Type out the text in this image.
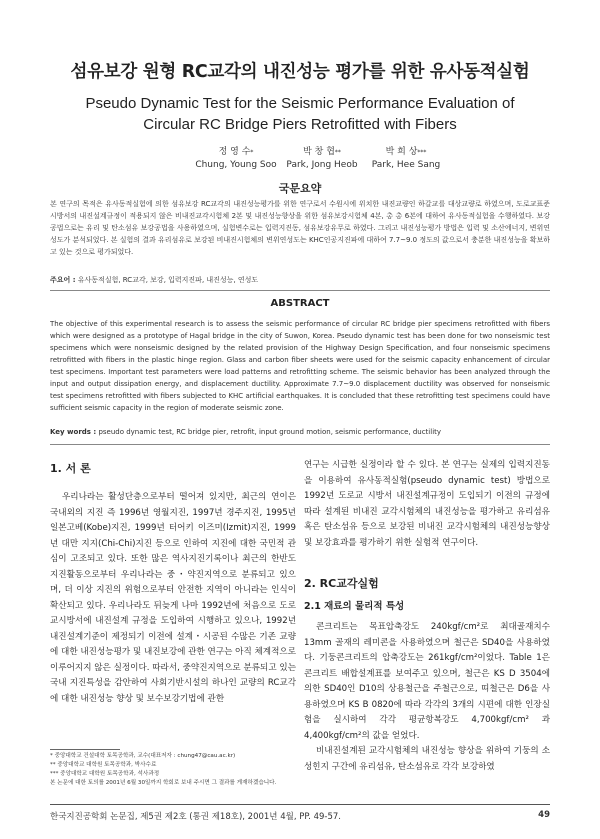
섬유보강 원형 RC교각의 내진성능 평가를 위한 유사동적실험
Pseudo Dynamic Test for the Seismic Performance Evaluation of
Circular RC Bridge Piers Retrofitted with Fibers
정 영 수*
Chung, Young Soo
박 창 협**
Park, Jong Heob
박 희 상***
Park, Hee Sang
국문요약
본 연구의 목적은 유사동적실험에 의한 섬유보강 RC교각의 내진성능평가를 위한 연구로서 수원시에 위치한 내진교량인 하갈교를 대상교량로 하였으며, 도로교표준시방서의 내진설계규정이 적용되지 않은 비내진교각시험체 2본 및 내진성능향상을 위한 섬유보강시험체 4본, 총 총 6본에 대하여 유사동적실험을 수행하였다. 보강공법으로는 유리 및 탄소섬유 보강공법을 사용하였으며, 실험변수로는 입력지진동, 섬유보강유무로 하였다. 그리고 내진성능평가 방법은 입력 및 소산에너지, 변위연성도가 분석되었다. 본 실험의 결과 유리섬유로 보강된 비내진시험체의 변위연성도는 KHC인공지진파에 대하여 7.7~9.0 정도의 값으로서 충분한 내진성능을 확보하고 있는 것으로 평가되었다.
주요어 : 유사동적실험, RC교각, 보강, 입력지진파, 내진성능, 연성도
ABSTRACT
The objective of this experimental research is to assess the seismic performance of circular RC bridge pier specimens retrofitted with fibers which were designed as a prototype of Hagal bridge in the city of Suwon, Korea. Pseudo dynamic test has been done for two nonseismic test specimens which were nonseismic designed by the related provision of the Highway Design Specification, and four nonseismic specimens retrofitted with fibers in the plastic hinge region. Glass and carbon fiber sheets were used for the seismic capacity enhancement of circular test specimens. Important test parameters were load patterns and retrofitting scheme. The seismic behavior has been analyzed through the input and output dissipation energy, and displacement ductility. Approximate 7.7~9.0 displacement ductility was observed for nonseismic test specimens retrofitted with fibers subjected to KHC artificial earthquakes. It is concluded that these retrofitting test specimens could have sufficient seismic capacity in the region of moderate seismic zone.
Key words : pseudo dynamic test, RC bridge pier, retrofit, input ground motion, seismic performance, ductility
1. 서 론

우리나라는 활성단층으로부터 떨어져 있지만, 최근의 연이은 국내외의 지진 즉 1996년 영월지진, 1997년 경주지진, 1995년 일본고베(Kobe)지진, 1999년 터어키 이즈미(Izmit)지진, 1999년 대만 지지(Chi-Chi)지진 등으로 인하여 지진에 대한 국민적 관심이 고조되고 있다. 또한 많은 역사지진기록이나 최근의 한반도 지진활동으로부터 우리나라는 중・약진지역으로 분류되고 있으며, 더 이상 지진의 위험으로부터 안전한 지역이 아니라는 인식이 확산되고 있다. 우리나라도 뒤늦게 나마 1992년에 처음으로 도로교시방서에 내진설계 규정을 도입하여 시행하고 있으나, 1992년 내진설계기준이 제정되기 이전에 설계・시공된 수많은 기존 교량에 대한 내진성능평가 및 내진보강에 관한 연구는 아직 체계적으로 이루어지지 않은 실정이다. 따라서, 중약진지역으로 분류되고 있는 국내 지진특성을 감안하여 사회기반시설의 하나인 교량의 RC교각에 대한 내진성능 향상 및 보수보강기법에 관한

* 중앙대학교 건설대학 토목공학과, 교수(대표저자 : chung47@cau.ac.kr)
** 중앙대학교 대학원 토목공학과, 박사수료
*** 중앙대학교 대학원 토목공학과, 석사과정
본 논문에 대한 토의를 2001년 6월 30일까지 학회로 보내 주시면 그 결과를 게재하겠습니다.

연구는 시급한 실정이라 할 수 있다. 본 연구는 실제의 입력지진동을 이용하여 유사동적실험(pseudo dynamic test) 방법으로 1992년 도로교 시방서 내진설계규정이 도입되기 이전의 규정에 따라 설계된 비내진 교각시험체의 내진성능을 평가하고 유리섬유 혹은 탄소섬유 등으로 보강된 비내진 교각시험체의 내진성능향상 및 보강효과를 평가하기 위한 실험적 연구이다.

2. RC교각실험
2.1 재료의 물리적 특성

콘크리트는 목표압축강도 240kgf/cm²로 최대골재치수 13mm 골재의 레미콘을 사용하였으며 철근은 SD40을 사용하였다. 기둥콘크리트의 압축강도는 261kgf/cm²이었다. Table 1은 콘크리트 배합설계표를 보여주고 있으며, 철근은 KS D 3504에 의한 SD40인 D10의 상용철근을 주철근으로, 띠철근은 D6을 사용하였으며 KS B 0820에 따라 각각의 3개의 시편에 대한 인장실험을 실시하여 각각 평균항복강도 4,700kgf/cm² 과 4,400kgf/cm²의 값을 얻었다.

비내진설계된 교각시험체의 내진성능 향상을 위하여 기둥의 소성힌지 구간에 유리섬유, 탄소섬유로 각각 보강하였

한국지진공학회 논문집, 제5권 제2호 (통권 제18호), 2001년 4월, PP. 49-57.	49
